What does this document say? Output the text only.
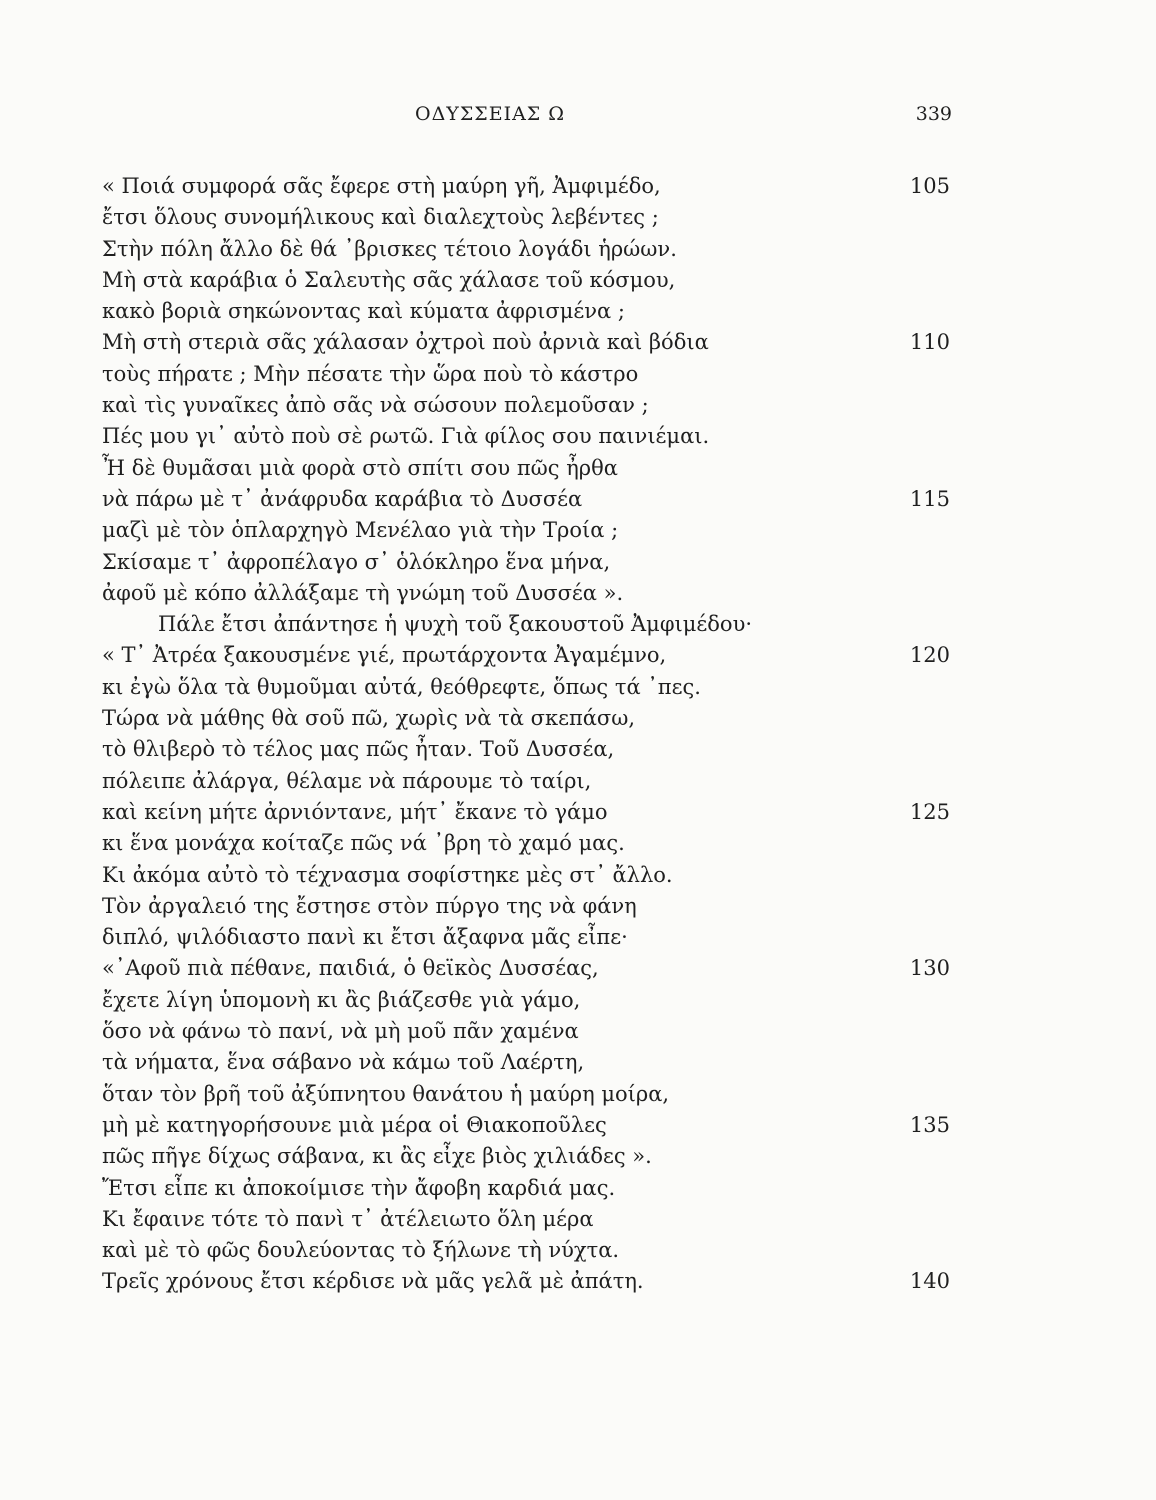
ΟΔΥΣΣΕΙΑΣ Ω	339
« Ποιά συμφορά σᾶς ἔφερε στὴ μαύρη γῆ, Ἀμφιμέδο,	105
ἔτσι ὅλους συνομήλικους καὶ διαλεχτοὺς λεβέντες ;
Στὴν πόλη ἄλλο δὲ θά ᾽βρισκες τέτοιο λογάδι ἡρώων.
Μὴ στὰ καράβια ὁ Σαλευτὴς σᾶς χάλασε τοῦ κόσμου,
κακὸ βοριὰ σηκώνοντας καὶ κύματα ἀφρισμένα ;
Μὴ στὴ στεριὰ σᾶς χάλασαν ὀχτροὶ ποὺ ἀρνιὰ καὶ βόδια	110
τοὺς πήρατε ; Μὴν πέσατε τὴν ὥρα ποὺ τὸ κάστρο
καὶ τὶς γυναῖκες ἀπὸ σᾶς νὰ σώσουν πολεμοῦσαν ;
Πές μου γι᾽ αὐτὸ ποὺ σὲ ρωτῶ. Γιὰ φίλος σου παινιέμαι.
Ἦ δὲ θυμᾶσαι μιὰ φορὰ στὸ σπίτι σου πῶς ἦρθα
νὰ πάρω μὲ τ᾽ ἀνάφρυδα καράβια τὸ Δυσσέα	115
μαζὶ μὲ τὸν ὁπλαρχηγὸ Μενέλαο γιὰ τὴν Τροία ;
Σκίσαμε τ᾽ ἀφροπέλαγο σ᾽ ὁλόκληρο ἕνα μήνα,
ἀφοῦ μὲ κόπο ἀλλάξαμε τὴ γνώμη τοῦ Δυσσέα ».
Πάλε ἔτσι ἀπάντησε ἡ ψυχὴ τοῦ ξακουστοῦ Ἀμφιμέδου·
« Τ᾽ Ἀτρέα ξακουσμένε γιέ, πρωτάρχοντα Ἀγαμέμνο,	120
κι ἐγὼ ὅλα τὰ θυμοῦμαι αὐτά, θεόθρεφτε, ὅπως τά ᾽πες.
Τώρα νὰ μάθης θὰ σοῦ πῶ, χωρὶς νὰ τὰ σκεπάσω,
τὸ θλιβερὸ τὸ τέλος μας πῶς ἦταν. Τοῦ Δυσσέα,
πόλειπε ἀλάργα, θέλαμε νὰ πάρουμε τὸ ταίρι,
καὶ κείνη μήτε ἀρνιόντανε, μήτ᾽ ἔκανε τὸ γάμο	125
κι ἕνα μονάχα κοίταζε πῶς νά ᾽βρη τὸ χαμό μας.
Κι ἀκόμα αὐτὸ τὸ τέχνασμα σοφίστηκε μὲς στ᾽ ἄλλο.
Τὸν ἀργαλειό της ἔστησε στὸν πύργο της νὰ φάνη
διπλό, ψιλόδιαστο πανὶ κι ἔτσι ἄξαφνα μᾶς εἶπε·
«᾽Αφοῦ πιὰ πέθανε, παιδιά, ὁ θεϊκὸς Δυσσέας,	130
ἔχετε λίγη ὑπομονὴ κι ἂς βιάζεσθε γιὰ γάμο,
ὅσο νὰ φάνω τὸ πανί, νὰ μὴ μοῦ πᾶν χαμένα
τὰ νήματα, ἕνα σάβανο νὰ κάμω τοῦ Λαέρτη,
ὅταν τὸν βρῆ τοῦ ἀξύπνητου θανάτου ἡ μαύρη μοίρα,
μὴ μὲ κατηγορήσουνε μιὰ μέρα οἱ Θιακοποῦλες	135
πῶς πῆγε δίχως σάβανα, κι ἂς εἶχε βιὸς χιλιάδες ».
Ἔτσι εἶπε κι ἀποκοίμισε τὴν ἄφοβη καρδιά μας.
Κι ἔφαινε τότε τὸ πανὶ τ᾽ ἀτέλειωτο ὅλη μέρα
καὶ μὲ τὸ φῶς δουλεύοντας τὸ ξήλωνε τὴ νύχτα.
Τρεῖς χρόνους ἔτσι κέρδισε νὰ μᾶς γελᾶ μὲ ἀπάτη.	140
